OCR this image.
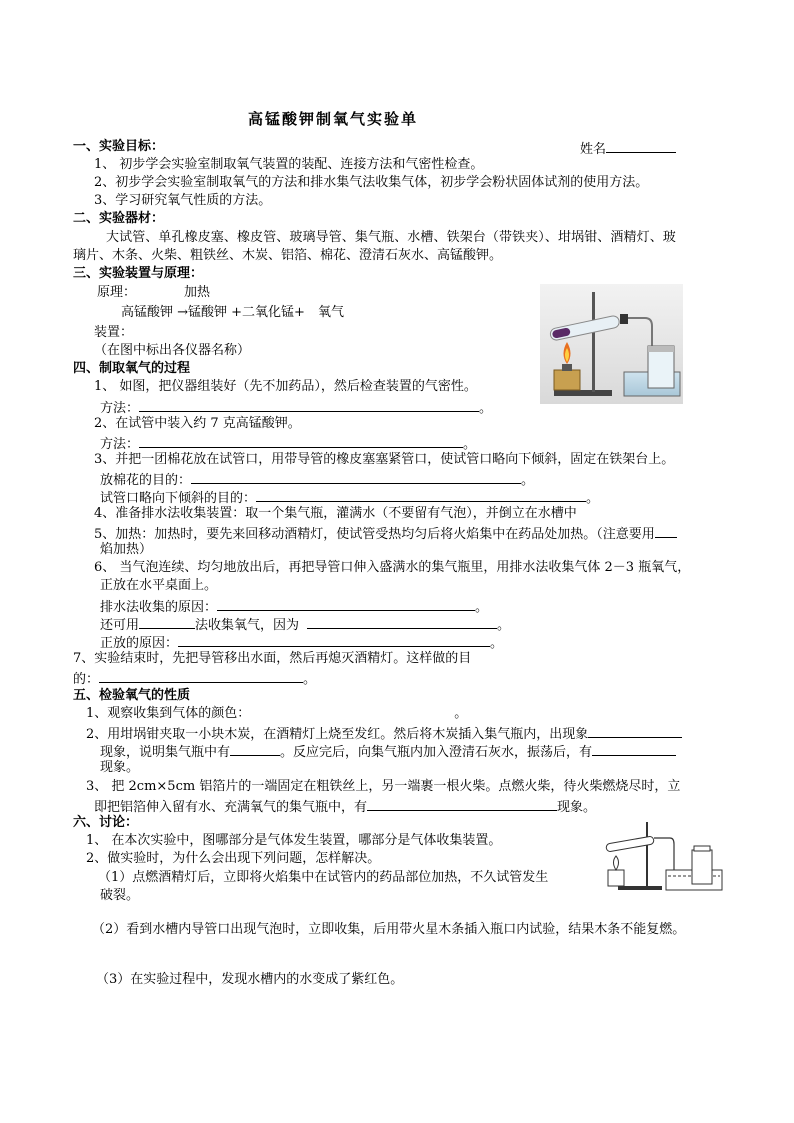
高锰酸钾制氧气实验单
一、实验目标：	姓名
1、 初步学会实验室制取氧气装置的装配、连接方法和气密性检查。
2、初步学会实验室制取氧气的方法和排水集气法收集气体，初步学会粉状固体试剂的使用方法。
3、学习研究氧气性质的方法。
二、实验器材：
大试管、单孔橡皮塞、橡皮管、玻璃导管、集气瓶、水槽、铁架台（带铁夹）、坩埚钳、酒精灯、玻
璃片、木条、火柴、粗铁丝、木炭、铝箔、棉花、澄清石灰水、高锰酸钾。
三、实验装置与原理：
原理：	加热
高锰酸钾 →锰酸钾 +二氧化锰+　氧气
装置：
（在图中标出各仪器名称）
四、制取氧气的过程
1、 如图，把仪器组装好（先不加药品），然后检查装置的气密性。
方法：	。
2、在试管中装入约 7 克高锰酸钾。
方法：	。
3、并把一团棉花放在试管口，用带导管的橡皮塞塞紧管口，使试管口略向下倾斜，固定在铁架台上。
放棉花的目的：	。
试管口略向下倾斜的目的：	。
4、准备排水法收集装置：取一个集气瓶，灌满水（不要留有气泡），并倒立在水槽中
5、加热：加热时，要先来回移动酒精灯，使试管受热均匀后将火焰集中在药品处加热。（注意要用
焰加热）
6、 当气泡连续、均匀地放出后，再把导管口伸入盛满水的集气瓶里，用排水法收集气体 2－3 瓶氧气，
正放在水平桌面上。
排水法收集的原因：	。
还可用	法收集氧气，因为	。
正放的原因：	。
7、实验结束时，先把导管移出水面，然后再熄灭酒精灯。这样做的目
的：	。
五、检验氧气的性质
1、观察收集到气体的颜色：	。
2、用坩埚钳夹取一小块木炭，在酒精灯上烧至发红。然后将木炭插入集气瓶内，出现象
现象，说明集气瓶中有	。反应完后，向集气瓶内加入澄清石灰水，振荡后，有
现象。
3、 把 2cm×5cm 铝箔片的一端固定在粗铁丝上，另一端裹一根火柴。点燃火柴，待火柴燃烧尽时，立
即把铝箔伸入留有水、充满氧气的集气瓶中，有	现象。
六、讨论：
1、 在本次实验中，图哪部分是气体发生装置，哪部分是气体收集装置。
2、做实验时，为什么会出现下列问题，怎样解决。
（1）点燃酒精灯后，立即将火焰集中在试管内的药品部位加热，不久试管发生
破裂。
（2）看到水槽内导管口出现气泡时，立即收集，后用带火星木条插入瓶口内试验，结果木条不能复燃。
（3）在实验过程中，发现水槽内的水变成了紫红色。
